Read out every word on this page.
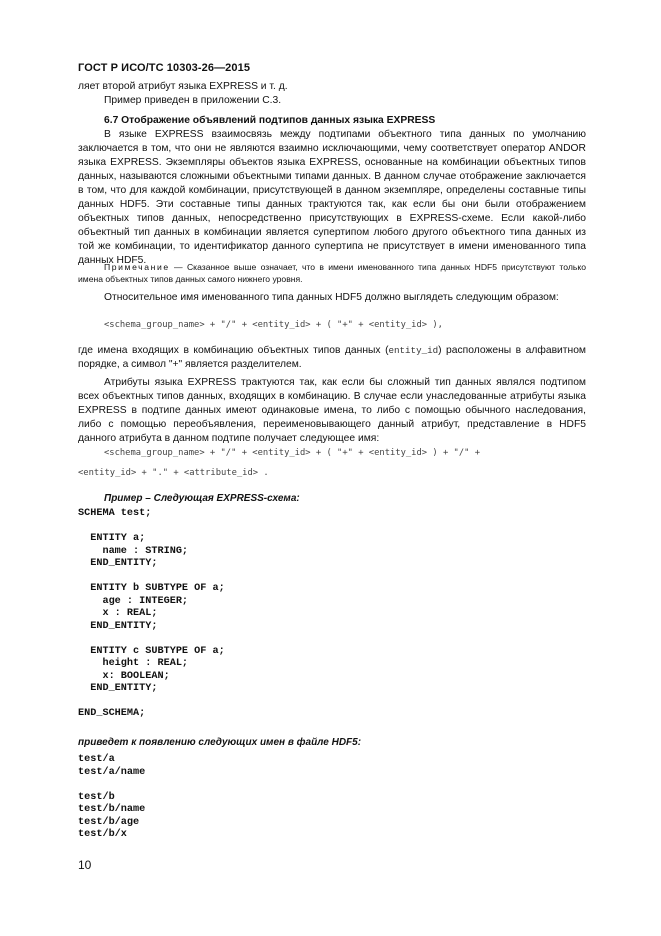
ГОСТ Р ИСО/ТС 10303-26—2015
ляет второй атрибут языка EXPRESS и т. д.
Пример приведен в приложении С.3.
6.7 Отображение объявлений подтипов данных языка EXPRESS
В языке EXPRESS взаимосвязь между подтипами объектного типа данных по умолчанию заключается в том, что они не являются взаимно исключающими, чему соответствует оператор ANDOR языка EXPRESS. Экземпляры объектов языка EXPRESS, основанные на комбинации объектных типов данных, называются сложными объектными типами данных. В данном случае отображение заключается в том, что для каждой комбинации, присутствующей в данном экземпляре, определены составные типы данных HDF5. Эти составные типы данных трактуются так, как если бы они были отображением объектных типов данных, непосредственно присутствующих в EXPRESS-схеме. Если какой-либо объектный тип данных в комбинации является супертипом любого другого объектного типа данных из той же комбинации, то идентификатор данного супертипа не присутствует в имени именованного типа данных HDF5.
Примечание — Сказанное выше означает, что в имени именованного типа данных HDF5 присутствуют только имена объектных типов данных самого нижнего уровня.
Относительное имя именованного типа данных HDF5 должно выглядеть следующим образом:
<schema_group_name> + "/" + <entity_id> + ( "+" + <entity_id> ),
где имена входящих в комбинацию объектных типов данных (entity_id) расположены в алфавитном порядке, а символ "+" является разделителем.
Атрибуты языка EXPRESS трактуются так, как если бы сложный тип данных являлся подтипом всех объектных типов данных, входящих в комбинацию. В случае если унаследованные атрибуты языка EXPRESS в подтипе данных имеют одинаковые имена, то либо с помощью обычного наследования, либо с помощью переобъявления, переименовывающего данный атрибут, представление в HDF5 данного атрибута в данном подтипе получает следующее имя:
<schema_group_name> + "/" + <entity_id> + ( "+" + <entity_id> ) + "/" +
<entity_id> + "." + <attribute_id> .
Пример – Следующая EXPRESS-схема:
SCHEMA test;

ENTITY a;
name : STRING;
END_ENTITY;

ENTITY b SUBTYPE OF a;
age : INTEGER;
x : REAL;
END_ENTITY;

ENTITY c SUBTYPE OF a;
height : REAL;
x: BOOLEAN;
END_ENTITY;

END_SCHEMA;
приведет к появлению следующих имен в файле HDF5:
test/a
test/a/name

test/b
test/b/name
test/b/age
test/b/x
10
